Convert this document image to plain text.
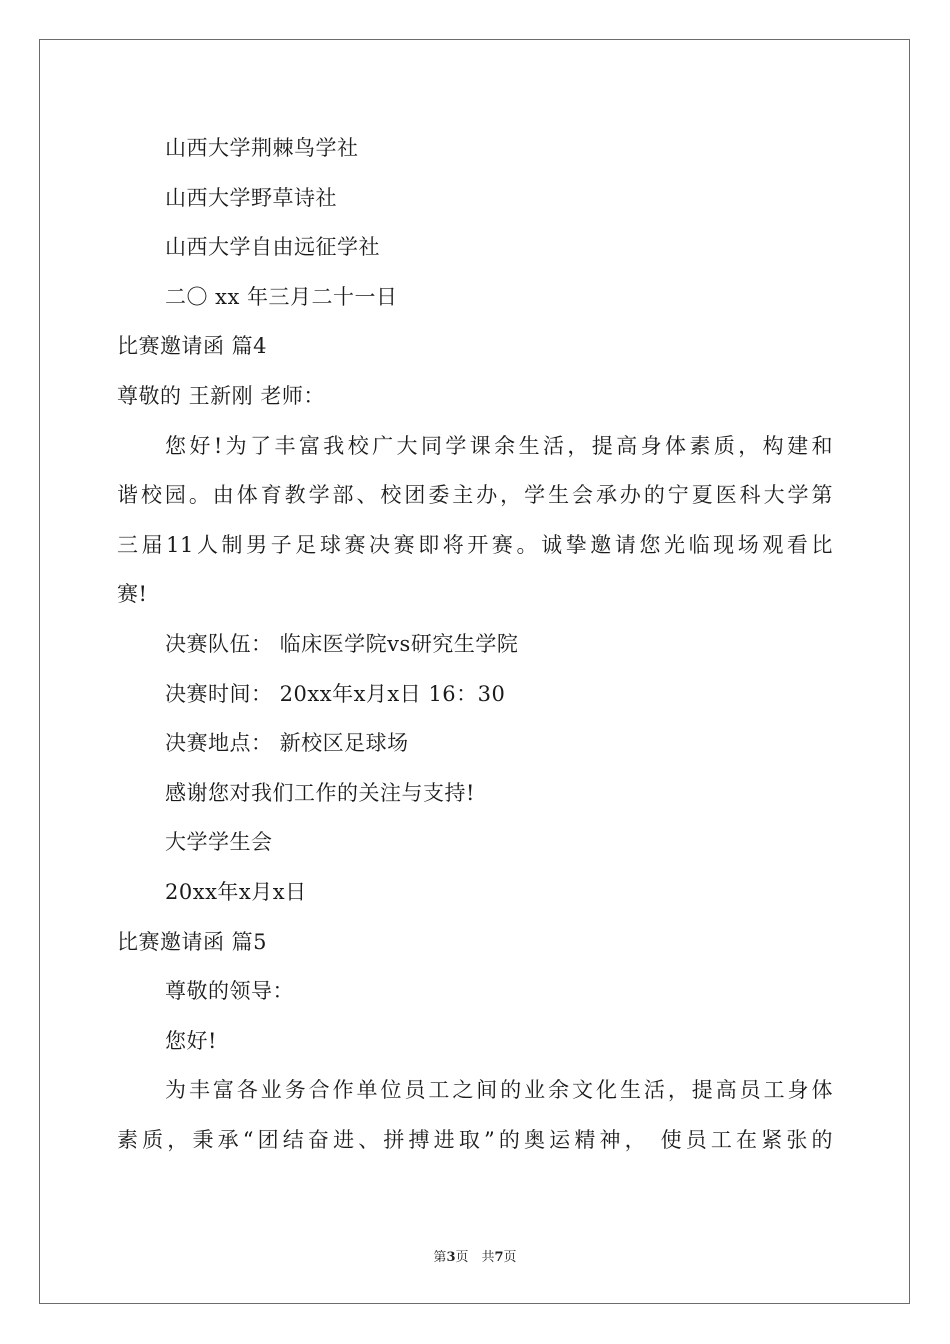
山西大学荆棘鸟学社
山西大学野草诗社
山西大学自由远征学社
二〇 xx 年三月二十一日
比赛邀请函 篇4
尊敬的 王新刚 老师：
您好!为了丰富我校广大同学课余生活，提高身体素质，构建和
谐校园。由体育教学部、校团委主办，学生会承办的宁夏医科大学第
三届11人制男子足球赛决赛即将开赛。诚挚邀请您光临现场观看比
赛!
决赛队伍： 临床医学院vs研究生学院
决赛时间： 20xx年x月x日 16：30
决赛地点： 新校区足球场
感谢您对我们工作的关注与支持!
大学学生会
20xx年x月x日
比赛邀请函 篇5
尊敬的领导：
您好!
为丰富各业务合作单位员工之间的业余文化生活，提高员工身体
素质，秉承“团结奋进、拼搏进取”的奥运精神， 使员工在紧张的
第3页　共7页
